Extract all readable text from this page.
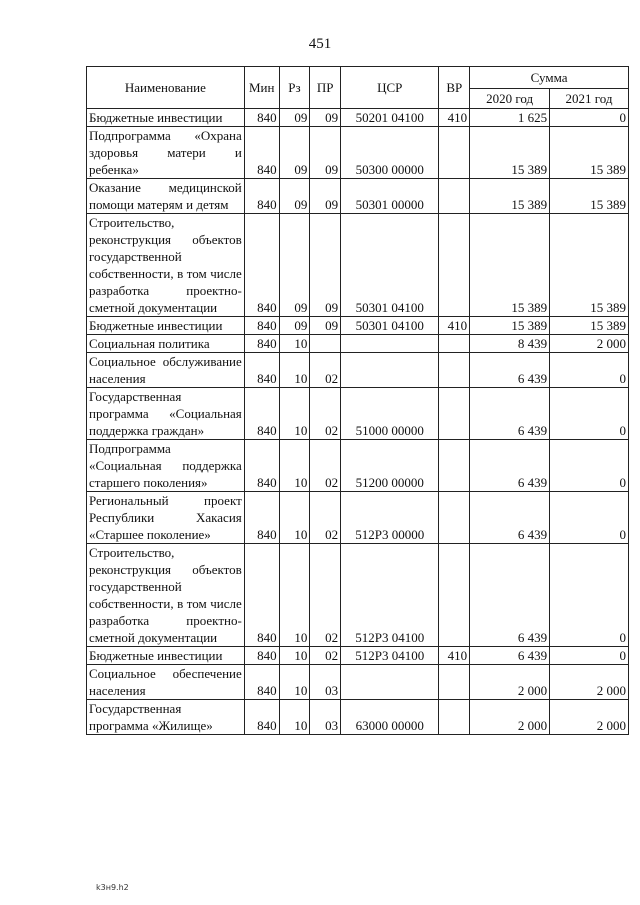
451
Наименование	Мин	Рз	ПР	ЦСР	ВР	Сумма	
						2020 год	2021 год
Бюджетные инвестиции	840	09	09	50201 04100	410	1 625	0
Подпрограмма «Охрана здоровья матери и ребенка»	840	09	09	50300 00000		15 389	15 389
Оказание медицинской помощи матерям и детям	840	09	09	50301 00000		15 389	15 389
Строительство, реконструкция объектов государственной собственности, в том числе разработка проектно-сметной документации	840	09	09	50301 04100		15 389	15 389
Бюджетные инвестиции	840	09	09	50301 04100	410	15 389	15 389
Социальная политика	840	10				8 439	2 000
Социальное обслуживание населения	840	10	02			6 439	0
Государственная программа «Социальная поддержка граждан»	840	10	02	51000 00000		6 439	0
Подпрограмма «Социальная поддержка старшего поколения»	840	10	02	51200 00000		6 439	0
Региональный проект Республики Хакасия «Старшее поколение»	840	10	02	512P3 00000		6 439	0
Строительство, реконструкция объектов государственной собственности, в том числе разработка проектно-сметной документации	840	10	02	512P3 04100		6 439	0
Бюджетные инвестиции	840	10	02	512P3 04100	410	6 439	0
Социальное обеспечение населения	840	10	03			2 000	2 000
Государственная программа «Жилище»	840	10	03	63000 00000		2 000	2 000
k3н9.h2
